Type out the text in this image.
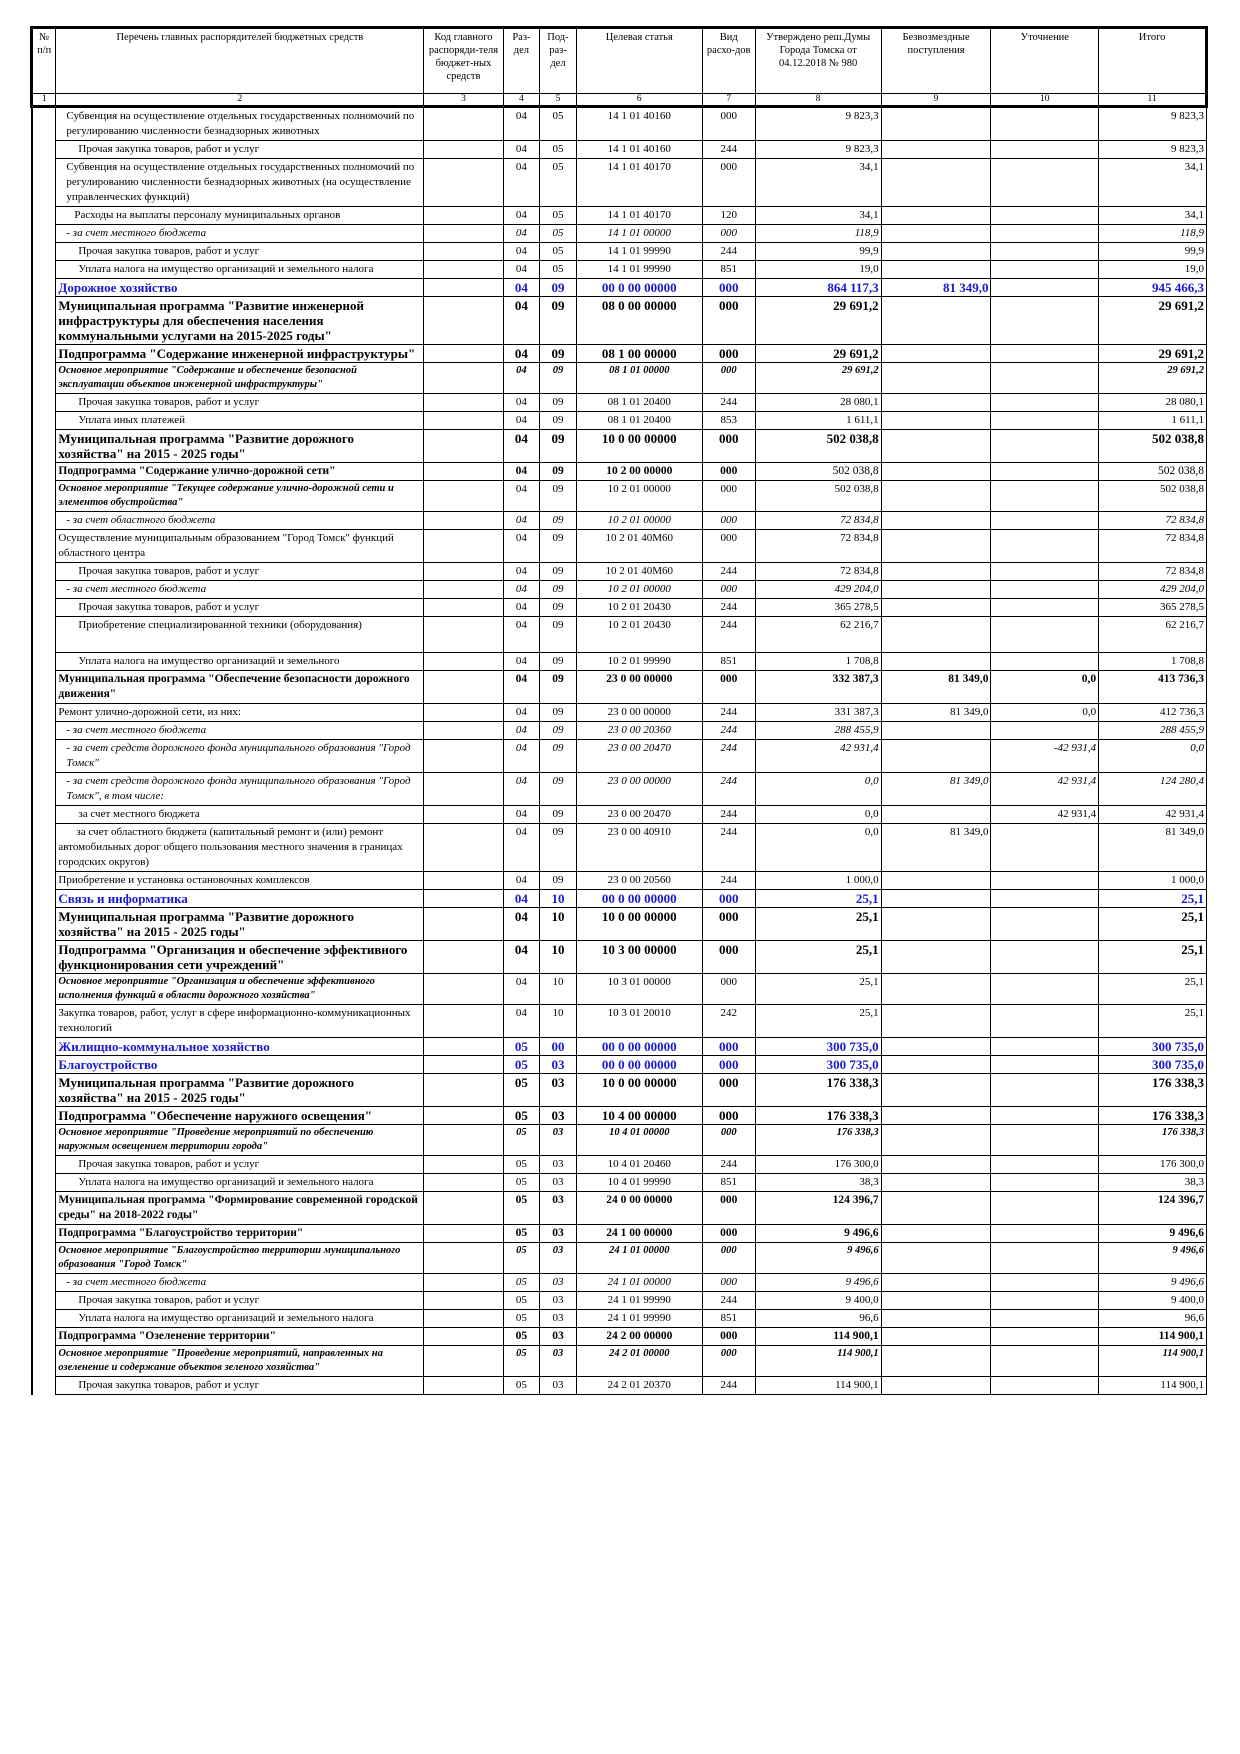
№ п/п	Перечень главных распорядителей бюджетных средств	Код главного распоряди-теля бюджет-ных средств	Раз-дел	Под-раз-дел	Целевая статья	Вид расхо-дов	Утверждено реш.Думы Города Томска от 04.12.2018 № 980	Безвозмездные поступления	Уточнение	Итого
1	2	3	4	5	6	7	8	9	10	11
	Субвенция на осуществление отдельных государственных полномочий по регулированию численности безнадзорных животных		04	05	14 1 01 40160	000	9 823,3			9 823,3
	Прочая закупка товаров, работ и услуг		04	05	14 1 01 40160	244	9 823,3			9 823,3
	Субвенция на осуществление отдельных государственных полномочий по регулированию численности безнадзорных животных (на осуществление управленческих функций)		04	05	14 1 01 40170	000	34,1			34,1
	Расходы на выплаты персоналу муниципальных органов		04	05	14 1 01 40170	120	34,1			34,1
	- за счет местного бюджета		04	05	14 1 01 00000	000	118,9			118,9
	Прочая закупка товаров, работ и услуг		04	05	14 1 01 99990	244	99,9			99,9
	Уплата налога на имущество организаций и земельного налога		04	05	14 1 01 99990	851	19,0			19,0
	Дорожное хозяйство		04	09	00 0 00 00000	000	864 117,3	81 349,0		945 466,3
	Муниципальная программа "Развитие инженерной инфраструктуры для обеспечения населения коммунальными услугами на 2015-2025 годы"		04	09	08 0 00 00000	000	29 691,2			29 691,2
	Подпрограмма "Содержание инженерной инфраструктуры"		04	09	08 1 00 00000	000	29 691,2			29 691,2
	Основное мероприятие "Содержание и обеспечение безопасной эксплуатации объектов инженерной инфраструктуры"		04	09	08 1 01 00000	000	29 691,2			29 691,2
	Прочая закупка товаров, работ и услуг		04	09	08 1 01 20400	244	28 080,1			28 080,1
	Уплата иных платежей		04	09	08 1 01 20400	853	1 611,1			1 611,1
	Муниципальная программа "Развитие дорожного хозяйства" на 2015 - 2025 годы"		04	09	10 0 00 00000	000	502 038,8			502 038,8
	Подпрограмма "Содержание улично-дорожной сети"		04	09	10 2 00 00000	000	502 038,8			502 038,8
	Основное мероприятие "Текущее содержание улично-дорожной сети и элементов обустройства"		04	09	10 2 01 00000	000	502 038,8			502 038,8
	- за счет областного бюджета		04	09	10 2 01 00000	000	72 834,8			72 834,8
	Осуществление муниципальным образованием "Город Томск" функций областного центра		04	09	10 2 01 40М60	000	72 834,8			72 834,8
	Прочая закупка товаров, работ и услуг		04	09	10 2 01 40М60	244	72 834,8			72 834,8
	- за счет местного бюджета		04	09	10 2 01 00000	000	429 204,0			429 204,0
	Прочая закупка товаров, работ и услуг		04	09	10 2 01 20430	244	365 278,5			365 278,5
	Приобретение специализированной техники (оборудования)		04	09	10 2 01 20430	244	62 216,7			62 216,7
	Уплата налога на имущество организаций и земельного		04	09	10 2 01 99990	851	1 708,8			1 708,8
	Муниципальная программа "Обеспечение безопасности дорожного движения"		04	09	23 0 00 00000	000	332 387,3	81 349,0	0,0	413 736,3
	Ремонт улично-дорожной сети, из них:		04	09	23 0 00 00000	244	331 387,3	81 349,0	0,0	412 736,3
	- за счет местного бюджета		04	09	23 0 00 20360	244	288 455,9			288 455,9
	- за счет средств дорожного фонда муниципального образования "Город Томск"		04	09	23 0 00 20470	244	42 931,4		-42 931,4	0,0
	- за счет средств дорожного фонда муниципального образования "Город Томск", в том числе:		04	09	23 0 00 00000	244	0,0	81 349,0	42 931,4	124 280,4
	за счет местного бюджета		04	09	23 0 00 20470	244	0,0		42 931,4	42 931,4
	за счет областного бюджета (капитальный ремонт и (или) ремонт автомобильных дорог общего пользования местного значения в границах городских округов)		04	09	23 0 00 40910	244	0,0	81 349,0		81 349,0
	Приобретение и установка остановочных комплексов		04	09	23 0 00 20560	244	1 000,0			1 000,0
	Связь и информатика		04	10	00 0 00 00000	000	25,1			25,1
	Муниципальная программа "Развитие дорожного хозяйства" на 2015 - 2025 годы"		04	10	10 0 00 00000	000	25,1			25,1
	Подпрограмма "Организация и обеспечение эффективного функционирования сети учреждений"		04	10	10 3 00 00000	000	25,1			25,1
	Основное мероприятие "Организация и обеспечение эффективного исполнения функций в области дорожного хозяйства"		04	10	10 3 01 00000	000	25,1			25,1
	Закупка товаров, работ, услуг в сфере информационно-коммуникационных технологий		04	10	10 3 01 20010	242	25,1			25,1
	Жилищно-коммунальное хозяйство		05	00	00 0 00 00000	000	300 735,0			300 735,0
	Благоустройство		05	03	00 0 00 00000	000	300 735,0			300 735,0
	Муниципальная программа "Развитие дорожного хозяйства" на 2015 - 2025 годы"		05	03	10 0 00 00000	000	176 338,3			176 338,3
	Подпрограмма "Обеспечение наружного освещения"		05	03	10 4 00 00000	000	176 338,3			176 338,3
	Основное мероприятие "Проведение мероприятий по обеспечению наружным освещением территории города"		05	03	10 4 01 00000	000	176 338,3			176 338,3
	Прочая закупка товаров, работ и услуг		05	03	10 4 01 20460	244	176 300,0			176 300,0
	Уплата налога на имущество организаций и земельного налога		05	03	10 4 01 99990	851	38,3			38,3
	Муниципальная программа "Формирование современной городской среды" на 2018-2022 годы"		05	03	24 0 00 00000	000	124 396,7			124 396,7
	Подпрограмма "Благоустройство территории"		05	03	24 1 00 00000	000	9 496,6			9 496,6
	Основное мероприятие "Благоустройство территории муниципального образования "Город Томск"		05	03	24 1 01 00000	000	9 496,6			9 496,6
	- за счет местного бюджета		05	03	24 1 01 00000	000	9 496,6			9 496,6
	Прочая закупка товаров, работ и услуг		05	03	24 1 01 99990	244	9 400,0			9 400,0
	Уплата налога на имущество организаций и земельного налога		05	03	24 1 01 99990	851	96,6			96,6
	Подпрограмма "Озеленение территории"		05	03	24 2 00 00000	000	114 900,1			114 900,1
	Основное мероприятие "Проведение мероприятий, направленных на озеленение и содержание объектов зеленого хозяйства"		05	03	24 2 01 00000	000	114 900,1			114 900,1
	Прочая закупка товаров, работ и услуг		05	03	24 2 01 20370	244	114 900,1			114 900,1
